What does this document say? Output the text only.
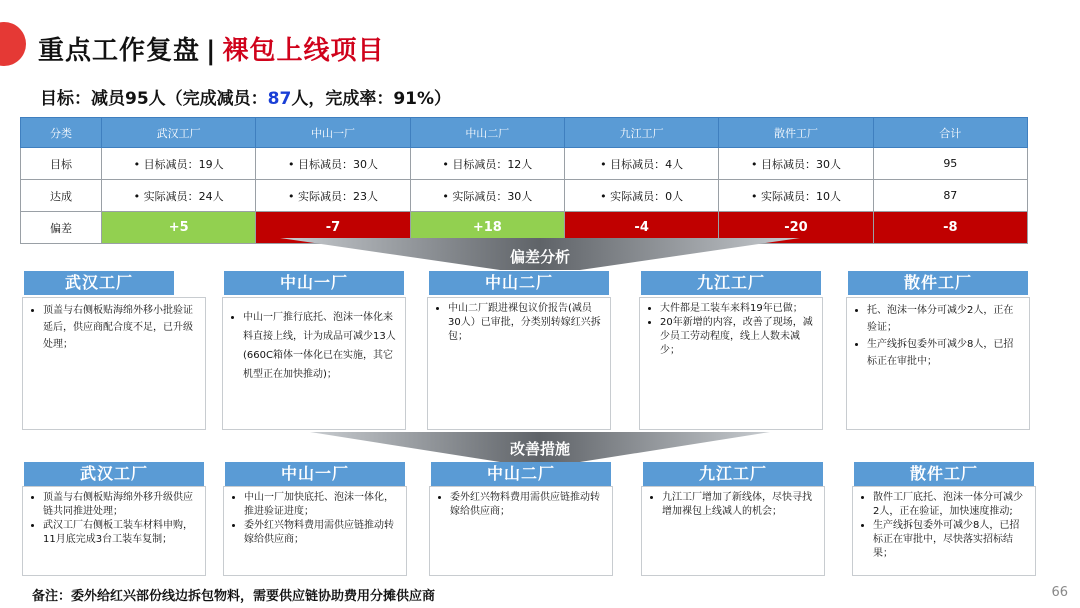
重点工作复盘 | 裸包上线项目
目标：减员95人（完成减员：87人，完成率：91%）
分类	武汉工厂	中山一厂	中山二厂	九江工厂	散件工厂	合计
目标	• 目标减员：19人	• 目标减员：30人	• 目标减员：12人	• 目标减员：4人	• 目标减员：30人	95
达成	• 实际减员：24人	• 实际减员：23人	• 实际减员：30人	• 实际减员：0人	• 实际减员：10人	87
偏差	+5	-7	+18	-4	-20	-8
偏差分析
武汉工厂
• 顶盖与右侧板贴海绵外移小批验证延后，供应商配合度不足，已升级处理；
中山一厂
• 中山一厂推行底托、泡沫一体化来料直接上线，计为成品可减少13人(660C箱体一体化已在实施，其它机型正在加快推动)；
中山二厂
• 中山二厂跟进裸包议价报告(减员30人）已审批，分类别转嫁红兴拆包；
九江工厂
• 大件都是工装车来料19年已做；
• 20年新增的内容，改善了现场，减少员工劳动程度，线上人数未减少；
散件工厂
• 托、泡沫一体分可减少2人，正在验证；
• 生产线拆包委外可减少8人，已招标正在审批中；
改善措施
武汉工厂
• 顶盖与右侧板贴海绵外移升级供应链共同推进处理；
• 武汉工厂右侧板工装车材料申购，11月底完成3台工装车复制；
中山一厂
• 中山一厂加快底托、泡沫一体化，推进验证进度；
• 委外红兴物料费用需供应链推动转嫁给供应商；
中山二厂
• 委外红兴物料费用需供应链推动转嫁给供应商；
九江工厂
• 九江工厂增加了新线体，尽快寻找增加裸包上线减人的机会；
散件工厂
• 散件工厂底托、泡沫一体分可减少2人，正在验证，加快速度推动;
• 生产线拆包委外可减少8人，已招标正在审批中，尽快落实招标结果；
备注：委外给红兴部份线边拆包物料，需要供应链协助费用分摊供应商	66
